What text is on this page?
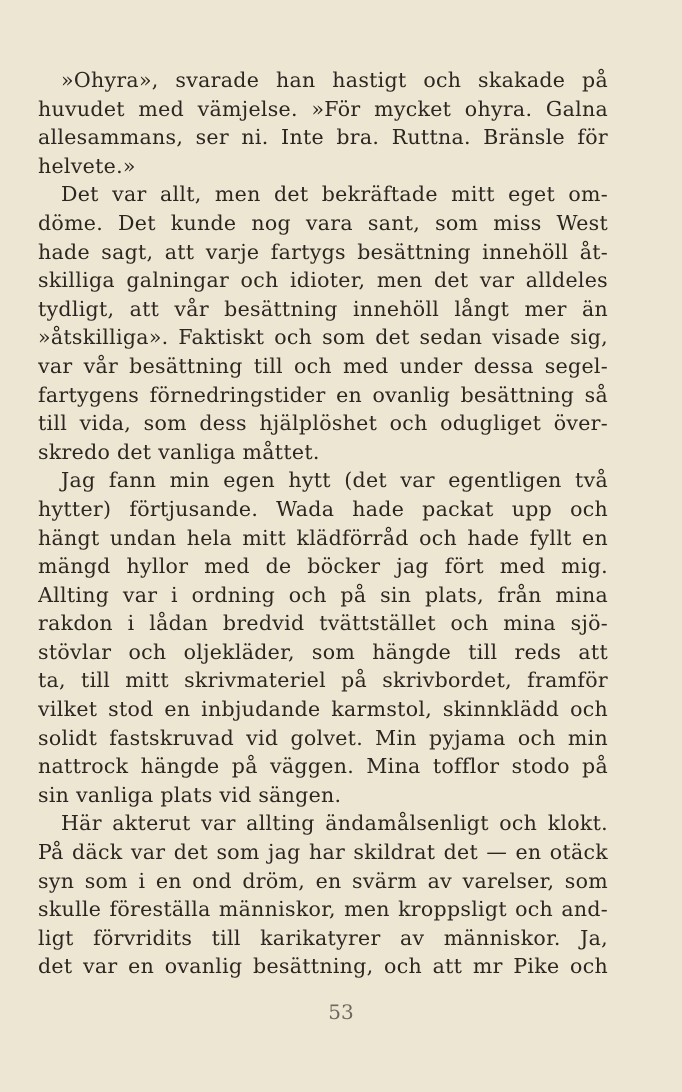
»Ohyra», svarade han hastigt och skakade på
huvudet med vämjelse. »För mycket ohyra. Galna
allesammans, ser ni. Inte bra. Ruttna. Bränsle för
helvete.»
Det var allt, men det bekräftade mitt eget om-
döme. Det kunde nog vara sant, som miss West
hade sagt, att varje fartygs besättning innehöll åt-
skilliga galningar och idioter, men det var alldeles
tydligt, att vår besättning innehöll långt mer än
»åtskilliga». Faktiskt och som det sedan visade sig,
var vår besättning till och med under dessa segel-
fartygens förnedringstider en ovanlig besättning så
till vida, som dess hjälplöshet och odugliget över-
skredo det vanliga måttet.
Jag fann min egen hytt (det var egentligen två
hytter) förtjusande. Wada hade packat upp och
hängt undan hela mitt klädförråd och hade fyllt en
mängd hyllor med de böcker jag fört med mig.
Allting var i ordning och på sin plats, från mina
rakdon i lådan bredvid tvättstället och mina sjö-
stövlar och oljekläder, som hängde till reds att
ta, till mitt skrivmateriel på skrivbordet, framför
vilket stod en inbjudande karmstol, skinnklädd och
solidt fastskruvad vid golvet. Min pyjama och min
nattrock hängde på väggen. Mina tofflor stodo på
sin vanliga plats vid sängen.
Här akterut var allting ändamålsenligt och klokt.
På däck var det som jag har skildrat det — en otäck
syn som i en ond dröm, en svärm av varelser, som
skulle föreställa människor, men kroppsligt och and-
ligt förvridits till karikatyrer av människor. Ja,
det var en ovanlig besättning, och att mr Pike och
53
